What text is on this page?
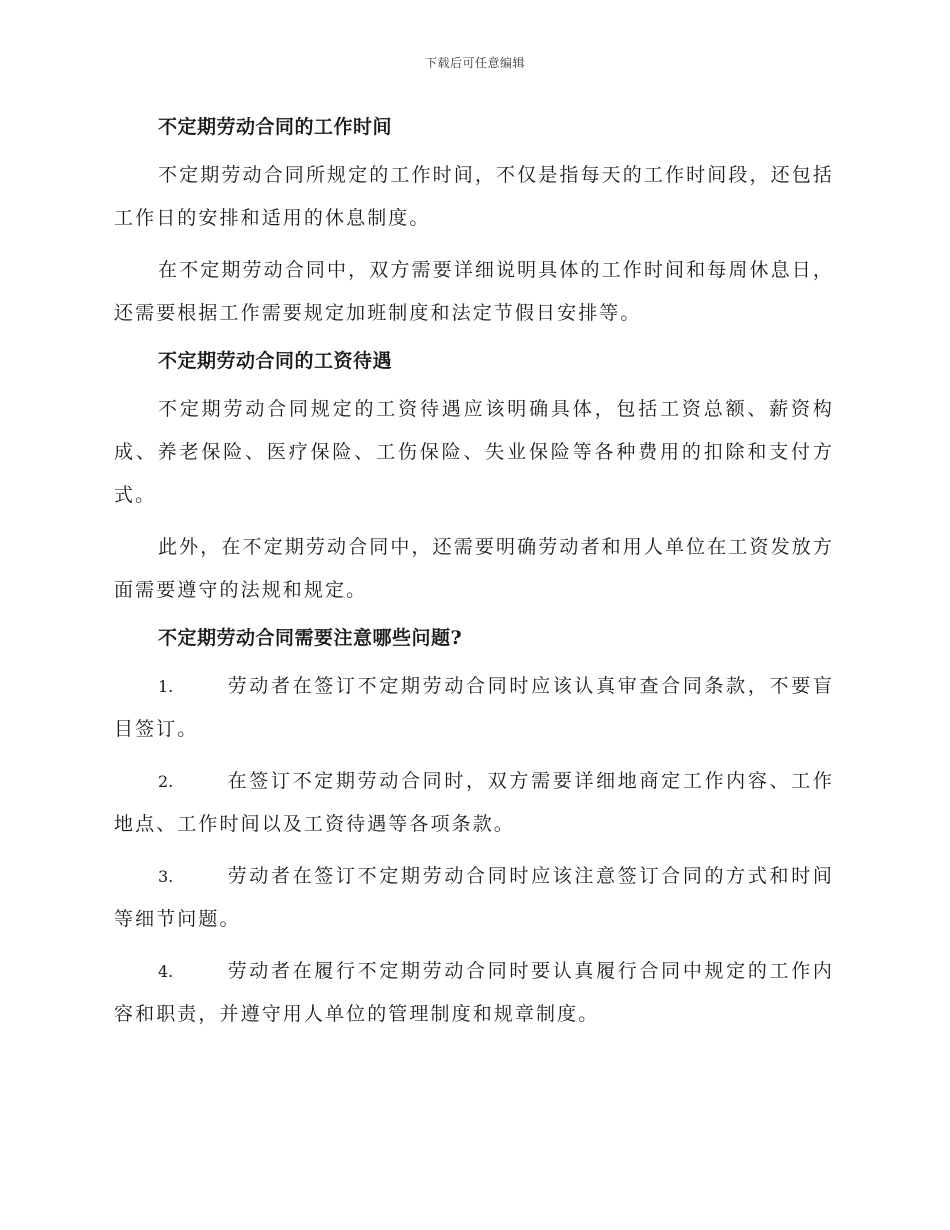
下载后可任意编辑
不定期劳动合同的工作时间

不定期劳动合同所规定的工作时间，不仅是指每天的工作时间段，还包括工作日的安排和适用的休息制度。

在不定期劳动合同中，双方需要详细说明具体的工作时间和每周休息日，还需要根据工作需要规定加班制度和法定节假日安排等。

不定期劳动合同的工资待遇

不定期劳动合同规定的工资待遇应该明确具体，包括工资总额、薪资构成、养老保险、医疗保险、工伤保险、失业保险等各种费用的扣除和支付方式。

此外，在不定期劳动合同中，还需要明确劳动者和用人单位在工资发放方面需要遵守的法规和规定。

不定期劳动合同需要注意哪些问题?

1.	劳动者在签订不定期劳动合同时应该认真审查合同条款，不要盲目签订。

2.	在签订不定期劳动合同时，双方需要详细地商定工作内容、工作地点、工作时间以及工资待遇等各项条款。

3.	劳动者在签订不定期劳动合同时应该注意签订合同的方式和时间等细节问题。

4.	劳动者在履行不定期劳动合同时要认真履行合同中规定的工作内容和职责，并遵守用人单位的管理制度和规章制度。
